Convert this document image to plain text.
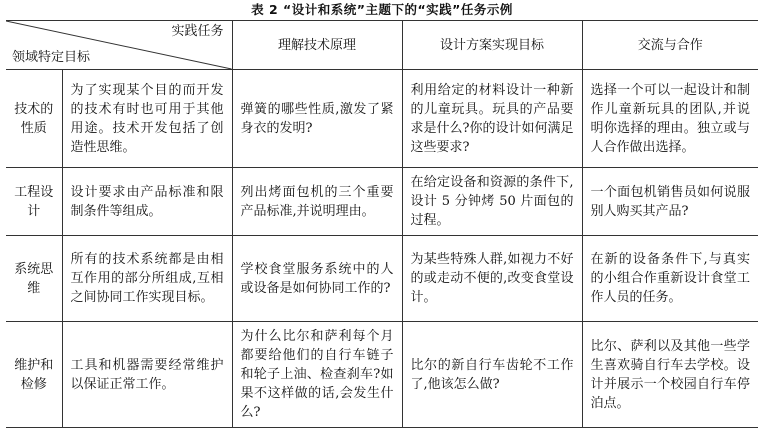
表 2 “设计和系统”主题下的“实践”任务示例
实践任务
领域特定目标		理解技术原理	设计方案实现目标	交流与合作
技术的性质	为了实现某个目的而开发的技术有时也可用于其他用途。技术开发包括了创造性思维。	弹簧的哪些性质,激发了紧身衣的发明?	利用给定的材料设计一种新的儿童玩具。玩具的产品要求是什么?你的设计如何满足这些要求?	选择一个可以一起设计和制作儿童新玩具的团队,并说明你选择的理由。独立或与人合作做出选择。
工程设计	设计要求由产品标准和限制条件等组成。	列出烤面包机的三个重要产品标准,并说明理由。	在给定设备和资源的条件下,设计 5 分钟烤 50 片面包的过程。	一个面包机销售员如何说服别人购买其产品?
系统思维	所有的技术系统都是由相互作用的部分所组成,互相之间协同工作实现目标。	学校食堂服务系统中的人或设备是如何协同工作的?	为某些特殊人群,如视力不好的或走动不便的,改变食堂设计。	在新的设备条件下,与真实的小组合作重新设计食堂工作人员的任务。
维护和检修	工具和机器需要经常维护以保证正常工作。	为什么比尔和萨利每个月都要给他们的自行车链子和轮子上油、检查刹车?如果不这样做的话,会发生什么?	比尔的新自行车齿轮不工作了,他该怎么做?	比尔、萨利以及其他一些学生喜欢骑自行车去学校。设计并展示一个校园自行车停泊点。
